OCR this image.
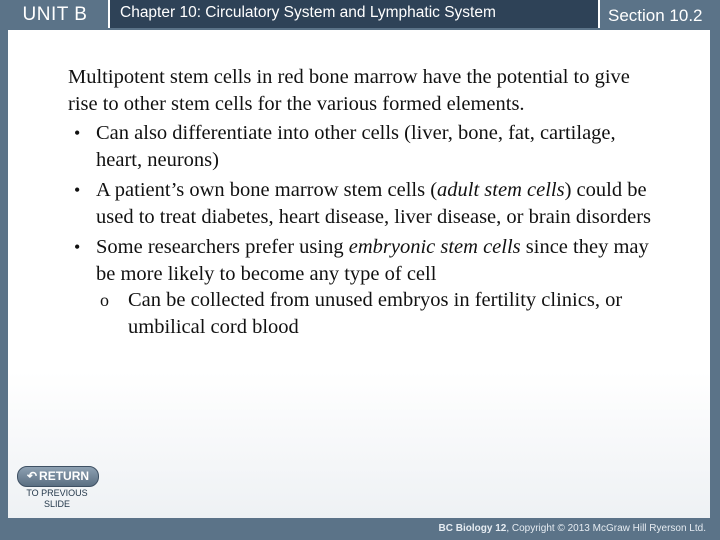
UNIT B	Chapter 10: Circulatory System and Lymphatic System	Section 10.2

Multipotent stem cells in red bone marrow have the potential to give rise to other stem cells for the various formed elements.

• Can also differentiate into other cells (liver, bone, fat, cartilage, heart, neurons)
• A patient’s own bone marrow stem cells (adult stem cells) could be used to treat diabetes, heart disease, liver disease, or brain disorders
• Some researchers prefer using embryonic stem cells since they may be more likely to become any type of cell
o Can be collected from unused embryos in fertility clinics, or umbilical cord blood
↶ RETURN
TO PREVIOUS
SLIDE
BC Biology 12, Copyright © 2013 McGraw Hill Ryerson Ltd.
